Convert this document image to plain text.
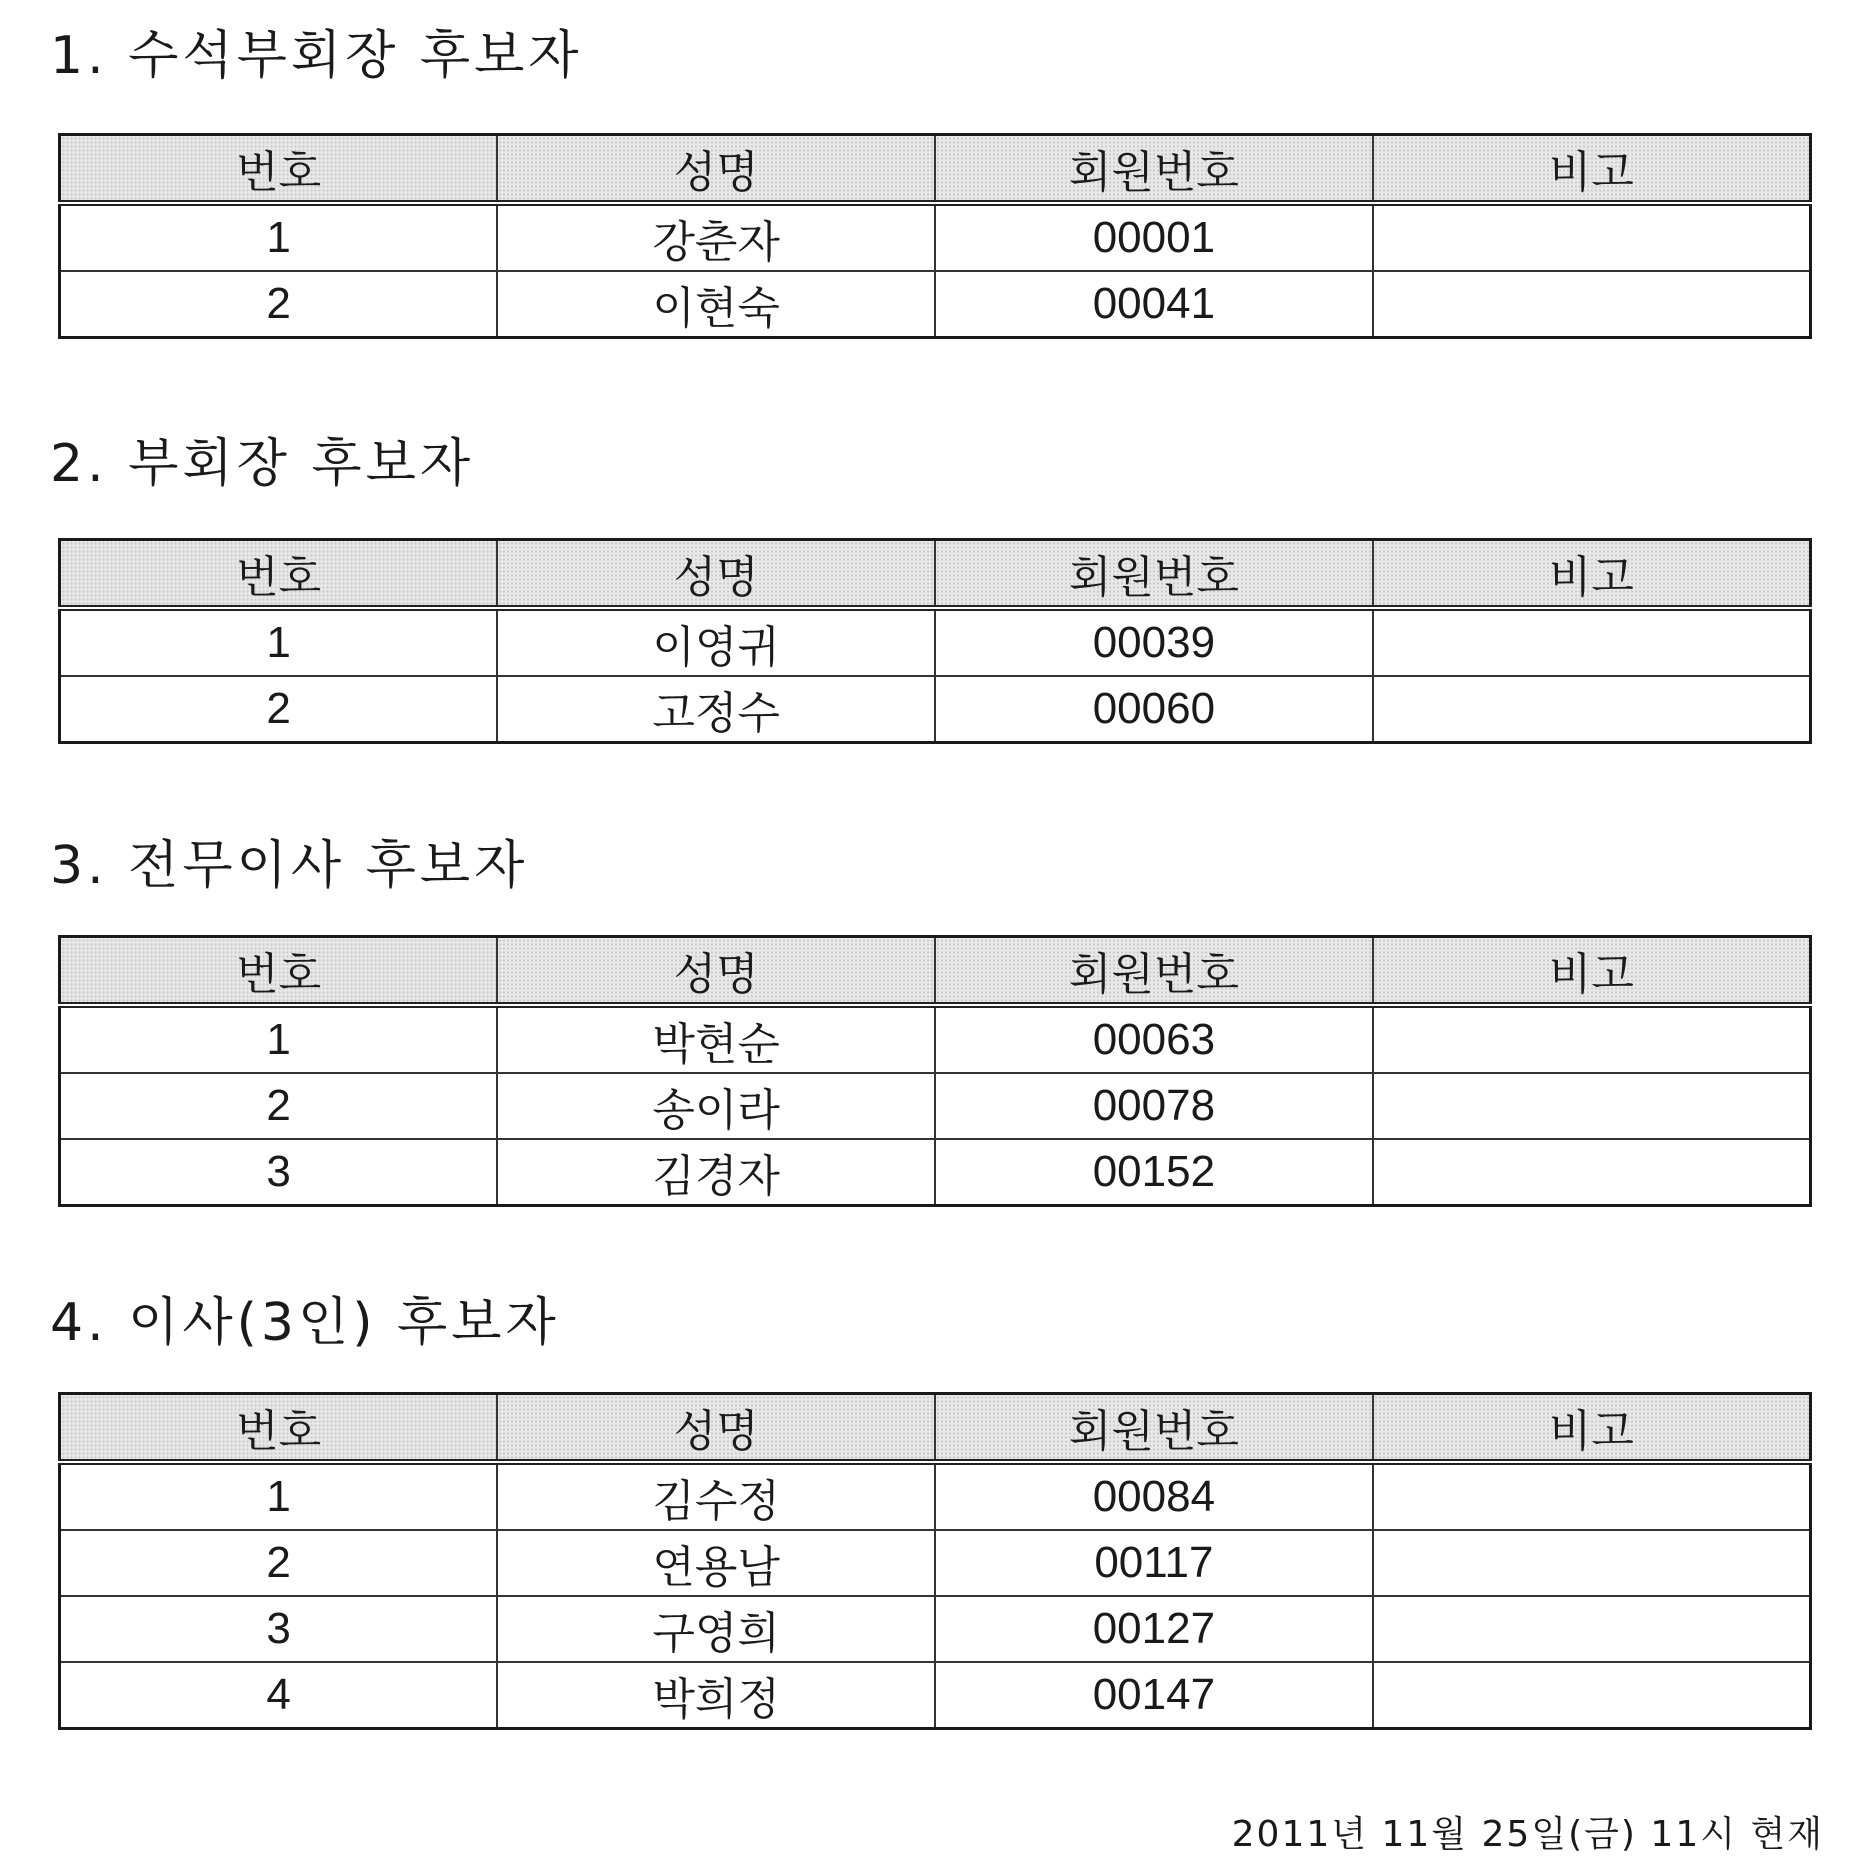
1. 수석부회장 후보자
번호	성명	회원번호	비고
1	강춘자	00001	
2	이현숙	00041	
2. 부회장 후보자
번호	성명	회원번호	비고
1	이영귀	00039	
2	고정수	00060	
3. 전무이사 후보자
번호	성명	회원번호	비고
1	박현순	00063	
2	송이라	00078	
3	김경자	00152	
4. 이사(3인) 후보자
번호	성명	회원번호	비고
1	김수정	00084	
2	연용남	00117	
3	구영희	00127	
4	박희정	00147	

2011년 11월 25일(금) 11시 현재
